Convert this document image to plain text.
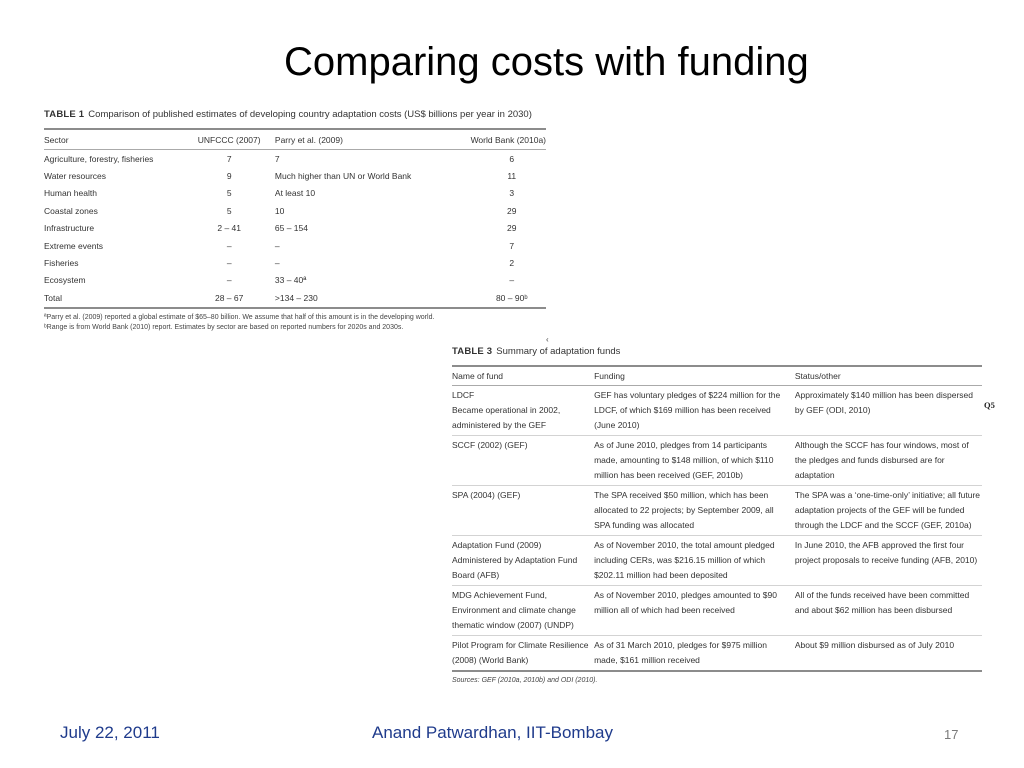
Comparing costs with funding
TABLE 1 Comparison of published estimates of developing country adaptation costs (US$ billions per year in 2030)
Sector	UNFCCC (2007)	Parry et al. (2009)	World Bank (2010a)
Agriculture, forestry, fisheries	7	7	6
Water resources	9	Much higher than UN or World Bank	11
Human health	5	At least 10	3
Coastal zones	5	10	29
Infrastructure	2 – 41	65 – 154	29
Extreme events	–	–	7
Fisheries	–	–	2
Ecosystem	–	33 – 40ª	–
Total	28 – 67	>134 – 230	80 – 90ᵇ
ªParry et al. (2009) reported a global estimate of $65–80 billion. We assume that half of this amount is in the developing world.
ᵇRange is from World Bank (2010) report. Estimates by sector are based on reported numbers for 2020s and 2030s.
‹
TABLE 3 Summary of adaptation funds
Name of fund	Funding	Status/other
LDCF
Became operational in 2002, administered by the GEF	GEF has voluntary pledges of $224 million for the LDCF, of which $169 million has been received (June 2010)	Approximately $140 million has been dispersed by GEF (ODI, 2010)
SCCF (2002) (GEF)	As of June 2010, pledges from 14 participants made, amounting to $148 million, of which $110 million has been received (GEF, 2010b)	Although the SCCF has four windows, most of the pledges and funds disbursed are for adaptation
SPA (2004) (GEF)	The SPA received $50 million, which has been allocated to 22 projects; by September 2009, all SPA funding was allocated	The SPA was a ‘one-time-only’ initiative; all future adaptation projects of the GEF will be funded through the LDCF and the SCCF (GEF, 2010a)
Adaptation Fund (2009) Administered by Adaptation Fund Board (AFB)	As of November 2010, the total amount pledged including CERs, was $216.15 million of which $202.11 million had been deposited	In June 2010, the AFB approved the first four project proposals to receive funding (AFB, 2010)
MDG Achievement Fund, Environment and climate change thematic window (2007) (UNDP)	As of November 2010, pledges amounted to $90 million all of which had been received	All of the funds received have been committed and about $62 million has been disbursed
Pilot Program for Climate Resilience (2008) (World Bank)	As of 31 March 2010, pledges for $975 million made, $161 million received	About $9 million disbursed as of July 2010
Sources: GEF (2010a, 2010b) and ODI (2010).
Q5
July 22, 2011	Anand Patwardhan, IIT-Bombay	17
